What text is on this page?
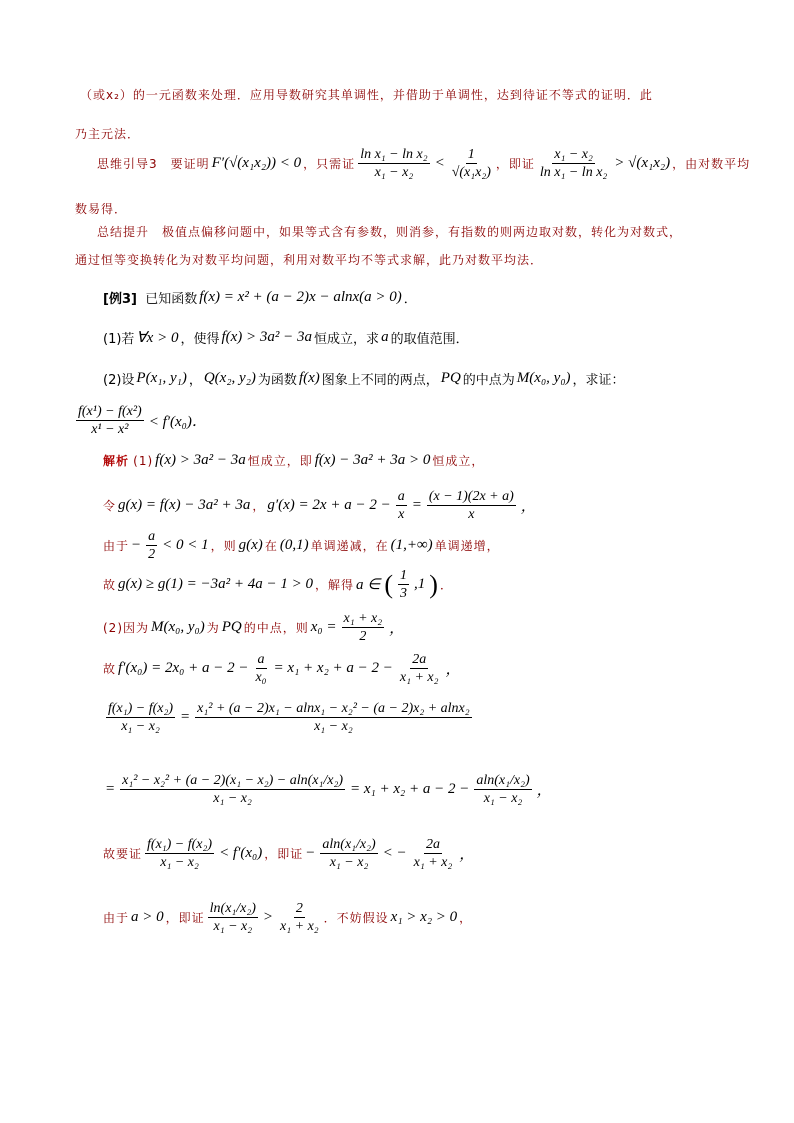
（或x₂）的一元函数来处理．应用导数研究其单调性，并借助于单调性，达到待证不等式的证明．此
乃主元法．
思维引导3　要证明 F′(√(x₁x₂)) < 0 ，只需证 $\frac{\text{ln x₁ − ln x₂}}{\text{x₁ − x₂}} < \frac{1}{\text{√(x₁x₂)}}$ ，即证 $\frac{\text{x₁ − x₂}}{\text{ln x₁ − ln x₂}} > √(x_1x_2)$ ，由对数平均
数易得．
总结提升　极值点偏移问题中，如果等式含有参数，则消参，有指数的则两边取对数，转化为对数式，
通过恒等变换转化为对数平均问题，利用对数平均不等式求解，此乃对数平均法．
[例3]
已知函数 f(x) = x² + (a − 2)x − alnx(a > 0) ．
(1)若 ∀x > 0 ，使得 f(x) > 3a² − 3a 恒成立，求 a 的取值范围．
(2)设 P(x₁, y₁) ， Q(x₂, y₂) 为函数 f(x) 图象上不同的两点， PQ 的中点为 M(x₀, y₀) ，求证：
$\frac{\text{f(x¹) − f(x²)}}{\text{x¹ − x²}} < f'(x_0)$．
解析
(1) f(x) > 3a² − 3a 恒成立，即 f(x) − 3a² + 3a > 0 恒成立，
令 g(x) = f(x) − 3a² + 3a ， $g'(x) = 2x + a - 2 - \frac{a}{x} = \frac{(x - 1)(2x + a)}{x}$ ，
由于 − $\frac{a}{2} < 0 < 1$ ，则 g(x) 在 (0,1) 单调递减，在 (1,+∞) 单调递增，
故 g(x) ≥ g(1) = −3a² + 4a − 1 > 0 ，解得 a ∈ ( $\frac{1}{3} ,1$ ) ．
(2)因为 M(x₀, y₀) 为 PQ 的中点，则 $x_0 = \frac{\text{x₁ + x₂}}{2}$ ，
故 $f'(x_0) = 2x_0 + a - 2 - \frac{a}{\text{x₀}} = x_1 + x_2 + a - 2 - \frac{2a}{\text{x₁ + x₂}}$ ，
$\frac{\text{f(x₁) − f(x₂)}}{\text{x₁ − x₂}} = \frac{\text{x₁² + (a − 2)x₁ − alnx₁ − x₂² − (a − 2)x₂ + alnx₂}}{\text{x₁ − x₂}}$
= $\frac{\text{x₁² − x₂² + (a − 2)(x₁ − x₂) − aln(x₁/x₂)}}{\text{x₁ − x₂}} = x_1 + x_2 + a - 2 - \frac{\text{aln(x₁/x₂)}}{\text{x₁ − x₂}}$ ，
故要证 $\frac{\text{f(x₁) − f(x₂)}}{\text{x₁ − x₂}} < f'(x_0)$ ，即证 − $\frac{\text{aln(x₁/x₂)}}{\text{x₁ − x₂}}$ < − $\frac{2a}{\text{x₁ + x₂}}$ ，
由于 a > 0 ，即证 $\frac{\text{ln(x₁/x₂)}}{\text{x₁ − x₂}} > \frac{2}{\text{x₁ + x₂}}$ ．不妨假设 x₁ > x₂ > 0 ，
